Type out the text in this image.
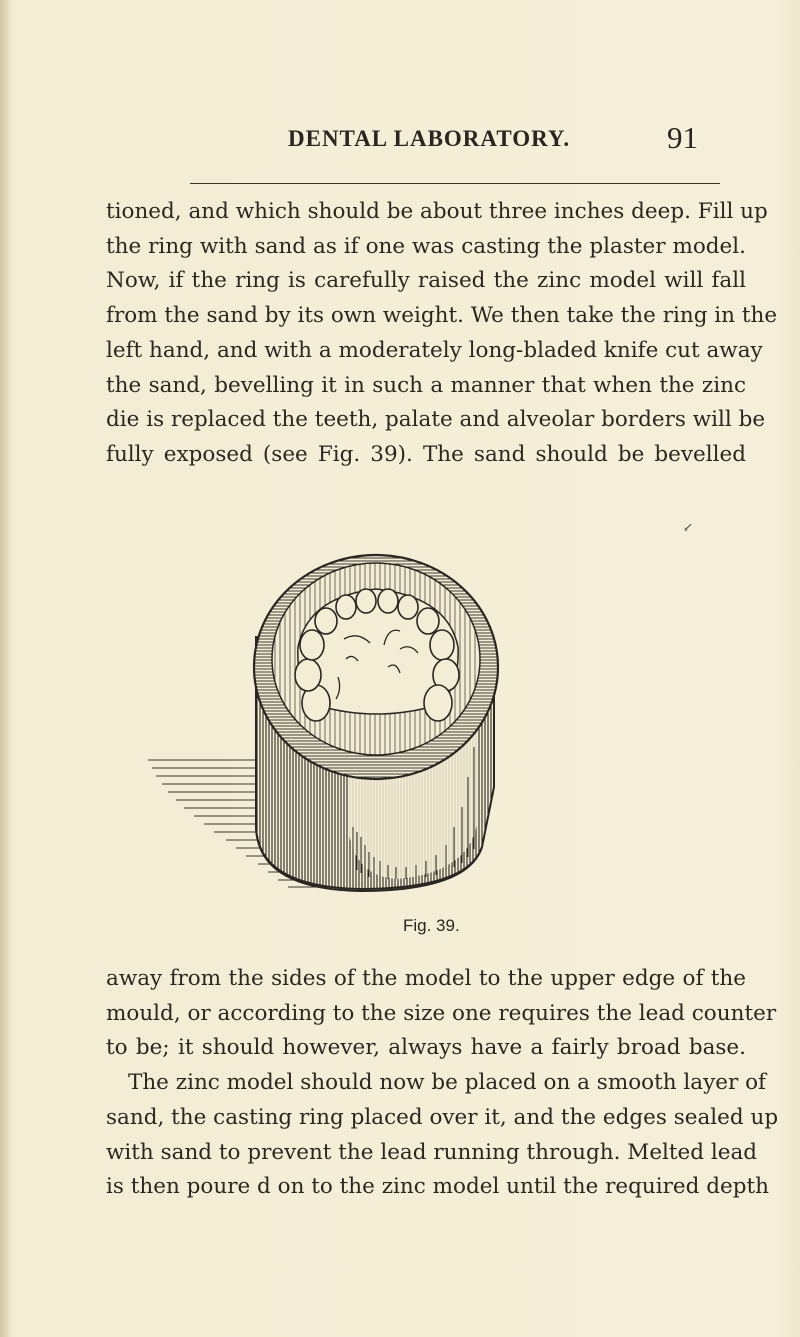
DENTAL LABORATORY.	91
tioned, and which should be about three inches deep. Fill up
the ring with sand as if one was casting the plaster model.
Now, if the ring is carefully raised the zinc model will fall
from the sand by its own weight. We then take the ring in the
left hand, and with a moderately long-bladed knife cut away
the sand, bevelling it in such a manner that when the zinc
die is replaced the teeth, palate and alveolar borders will be
fully exposed (see Fig. 39). The sand should be bevelled
↙
Fig. 39.
away from the sides of the model to the upper edge of the
mould, or according to the size one requires the lead counter
to be; it should however, always have a fairly broad base.
The zinc model should now be placed on a smooth layer of
sand, the casting ring placed over it, and the edges sealed up
with sand to prevent the lead running through. Melted lead
is then poure d on to the zinc model until the required depth
